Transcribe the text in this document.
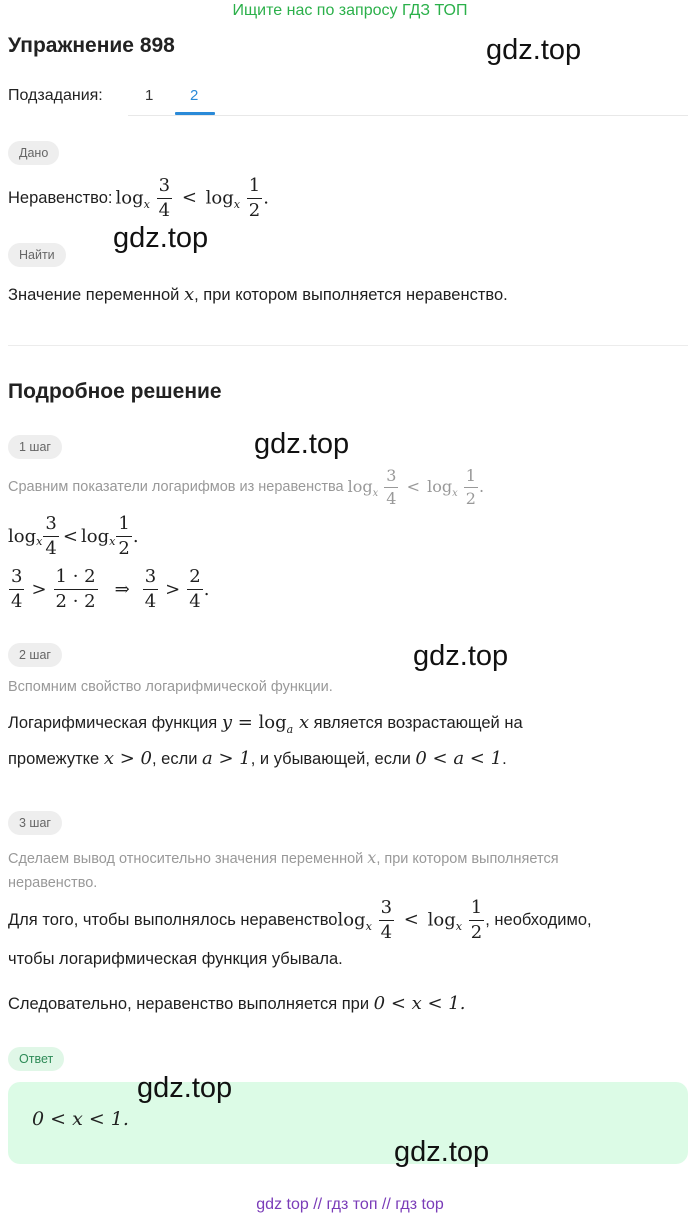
Ищите нас по запросу ГДЗ ТОП
Упражнение 898	gdz.top
Подзадания:	1 2
Дано
Неравенство: $\log_x \frac{3}{4} < \log_x \frac{1}{2}$ .
gdz.top
Найти
Значение переменной x, при котором выполняется неравенство.
Подробное решение
1 шаг	gdz.top
Сравним показатели логарифмов из неравенства $\log_x \frac{3}{4} < \log_x \frac{1}{2}$ .
log x $\frac{3}{4} < \log x \frac{1}{2}$ .
$\frac{3}{4} > \frac{1 \cdot 2}{2 \cdot 2}$ ⇒ $\frac{3}{4} > \frac{2}{4}$ .
2 шаг	gdz.top
Вспомним свойство логарифмической функции.
Логарифмическая функция $y = \log_a x$ является возрастающей на
промежутке x > 0, если a > 1, и убывающей, если 0 < a < 1.
3 шаг
Сделаем вывод относительно значения переменной x, при котором выполняется
неравенство.
Для того, чтобы выполнялось неравенство $\log_x \frac{3}{4} < \log_x \frac{1}{2}$ , необходимо,
чтобы логарифмическая функция убывала.
Следовательно, неравенство выполняется при 0 < x < 1.
Ответ
0 < x < 1.
gdz.top
gdz.top
gdz top // гдз топ // гдз top
